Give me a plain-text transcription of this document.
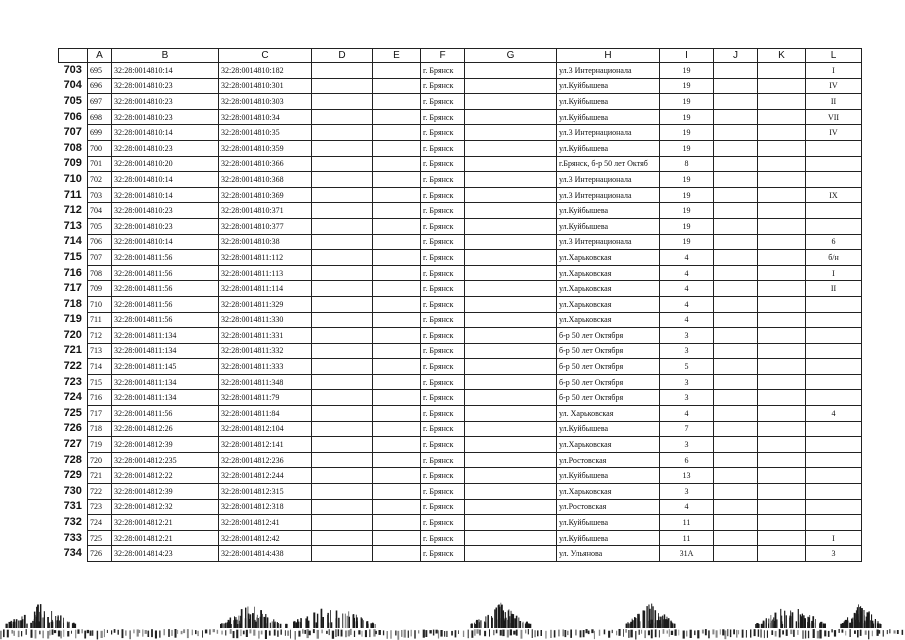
	A	B	C	D	E	F	G	H	I	J	K	L
703	695	32:28:0014810:14	32:28:0014810:182			г. Брянск		ул.3 Интернационала	19			I
704	696	32:28:0014810:23	32:28:0014810:301			г. Брянск		ул.Куйбышева	19			IV
705	697	32:28:0014810:23	32:28:0014810:303			г. Брянск		ул.Куйбышева	19			II
706	698	32:28:0014810:23	32:28:0014810:34			г. Брянск		ул.Куйбышева	19			VII
707	699	32:28:0014810:14	32:28:0014810:35			г. Брянск		ул.3 Интернационала	19			IV
708	700	32:28:0014810:23	32:28:0014810:359			г. Брянск		ул.Куйбышева	19			
709	701	32:28:0014810:20	32:28:0014810:366			г. Брянск		г.Брянск, б-р 50 лет Октяб	8			
710	702	32:28:0014810:14	32:28:0014810:368			г. Брянск		ул.3 Интернационала	19			
711	703	32:28:0014810:14	32:28:0014810:369			г. Брянск		ул.3 Интернационала	19			IX
712	704	32:28:0014810:23	32:28:0014810:371			г. Брянск		ул.Куйбышева	19			
713	705	32:28:0014810:23	32:28:0014810:377			г. Брянск		ул.Куйбышева	19			
714	706	32:28:0014810:14	32:28:0014810:38			г. Брянск		ул.3 Интернационала	19			6
715	707	32:28:0014811:56	32:28:0014811:112			г. Брянск		ул.Харьковская	4			б/н
716	708	32:28:0014811:56	32:28:0014811:113			г. Брянск		ул.Харьковская	4			I
717	709	32:28:0014811:56	32:28:0014811:114			г. Брянск		ул.Харьковская	4			II
718	710	32:28:0014811:56	32:28:0014811:329			г. Брянск		ул.Харьковская	4			
719	711	32:28:0014811:56	32:28:0014811:330			г. Брянск		ул.Харьковская	4			
720	712	32:28:0014811:134	32:28:0014811:331			г. Брянск		б-р 50 лет Октября	3			
721	713	32:28:0014811:134	32:28:0014811:332			г. Брянск		б-р 50 лет Октября	3			
722	714	32:28:0014811:145	32:28:0014811:333			г. Брянск		б-р 50 лет Октября	5			
723	715	32:28:0014811:134	32:28:0014811:348			г. Брянск		б-р 50 лет Октября	3			
724	716	32:28:0014811:134	32:28:0014811:79			г. Брянск		б-р 50 лет Октября	3			
725	717	32:28:0014811:56	32:28:0014811:84			г. Брянск		ул. Харьковская	4			4
726	718	32:28:0014812:26	32:28:0014812:104			г. Брянск		ул.Куйбышева	7			
727	719	32:28:0014812:39	32:28:0014812:141			г. Брянск		ул.Харьковская	3			
728	720	32:28:0014812:235	32:28:0014812:236			г. Брянск		ул.Ростовская	6			
729	721	32:28:0014812:22	32:28:0014812:244			г. Брянск		ул.Куйбышева	13			
730	722	32:28:0014812:39	32:28:0014812:315			г. Брянск		ул.Харьковская	3			
731	723	32:28:0014812:32	32:28:0014812:318			г. Брянск		ул.Ростовская	4			
732	724	32:28:0014812:21	32:28:0014812:41			г. Брянск		ул.Куйбышева	11			
733	725	32:28:0014812:21	32:28:0014812:42			г. Брянск		ул.Куйбышева	11			I
734	726	32:28:0014814:23	32:28:0014814:438			г. Брянск		ул. Ульянова	31А			3
